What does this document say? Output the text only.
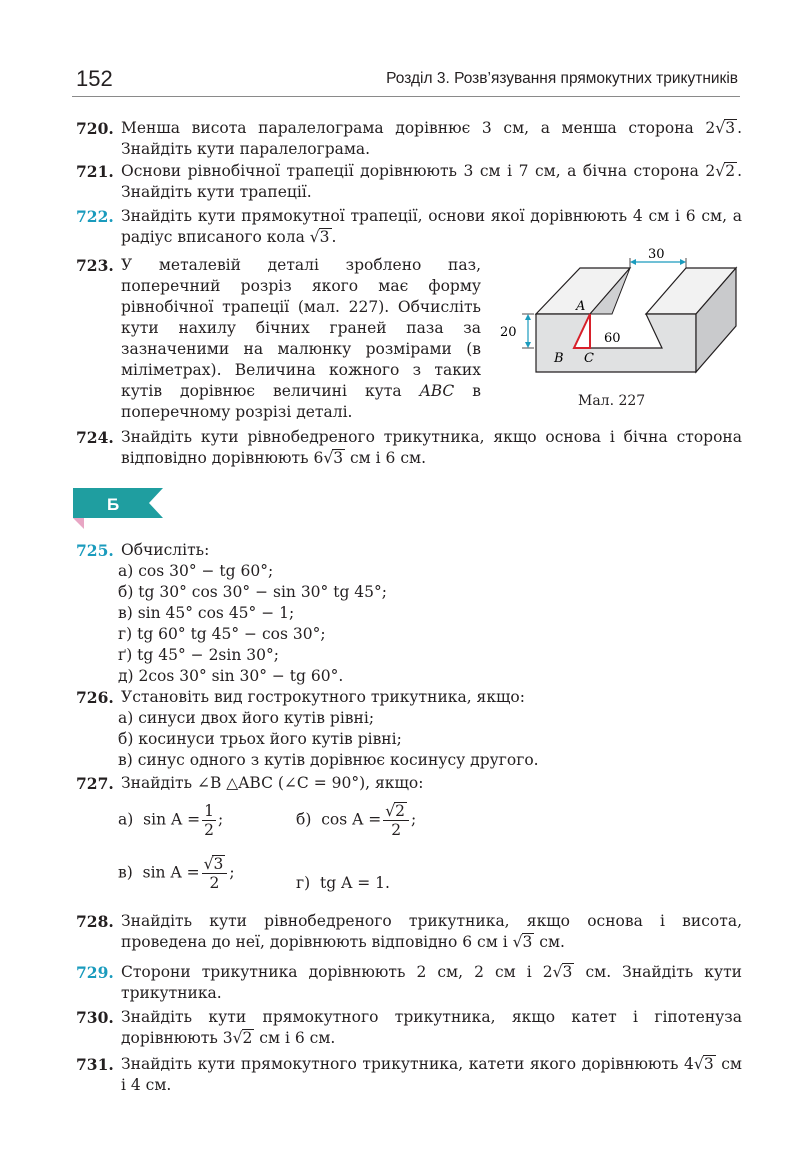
152	Розділ 3. Розв’язування прямокутних трикутників
720. Менша висота паралелограма дорівнює 3 см, а менша сторона 2√3 . Знайдіть кути паралелограма.
721. Основи рівнобічної трапеції дорівнюють 3 см і 7 см, а бічна сторона 2√2 . Знайдіть кути трапеції.
722. Знайдіть кути прямокутної трапеції, основи якої дорівнюють 4 см і 6 см, а радіус вписаного кола √3 .
723. У металевій деталі зроблено паз, поперечний розріз якого має форму рівнобічної трапеції (мал. 227). Обчисліть кути нахилу бічних граней паза за зазначеними на малюнку розмірами (в міліметрах). Величина кожного з таких кутів дорівнює величині кута ABC в поперечному розрізі деталі.
30
20	60
A
B C
Мал. 227
724. Знайдіть кути рівнобедреного трикутника, якщо основа і бічна сторона відповідно дорівнюють 6√3 см і 6 см.
Б
725. Обчисліть:
а) cos 30° − tg 60°;
б) tg 30° cos 30° − sin 30° tg 45°;
в) sin 45° cos 45° − 1;
г) tg 60° tg 45° − cos 30°;
ґ) tg 45° − 2sin 30°;
д) 2cos 30° sin 30° − tg 60°.
726. Установіть вид гострокутного трикутника, якщо:
а) синуси двох його кутів рівні;
б) косинуси трьох його кутів рівні;
в) синус одного з кутів дорівнює косинусу другого.
727. Знайдіть ∠B △ABC (∠C = 90°), якщо:
а) $\sin A = \frac{1}{2}$ ;	б) $\cos A = \frac{√2}{2}$ ;
в) $\sin A = \frac{√3}{2}$ ;
г) tg A = 1.
728. Знайдіть кути рівнобедреного трикутника, якщо основа і висота, проведена до неї, дорівнюють відповідно 6 см і √3 см.
729. Сторони трикутника дорівнюють 2 см, 2 см і 2√3 см. Знайдіть кути трикутника.
730. Знайдіть кути прямокутного трикутника, якщо катет і гіпотенуза дорівнюють 3√2 см і 6 см.
731. Знайдіть кути прямокутного трикутника, катети якого дорівнюють 4√3 см і 4 см.
